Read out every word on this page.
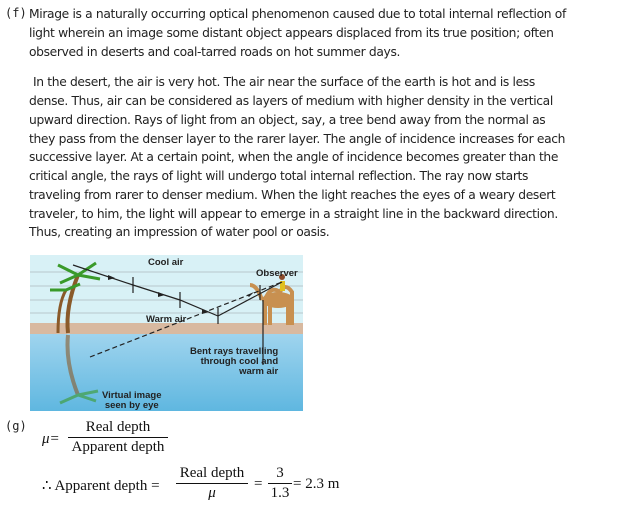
(f) Mirage is a naturally occurring optical phenomenon caused due to total internal reflection of
light wherein an image some distant object appears displaced from its true position; often
observed in deserts and coal-tarred roads on hot summer days.
In the desert, the air is very hot. The air near the surface of the earth is hot and is less
dense. Thus, air can be considered as layers of medium with higher density in the vertical
upward direction. Rays of light from an object, say, a tree bend away from the normal as
they pass from the denser layer to the rarer layer. The angle of incidence increases for each
successive layer. At a certain point, when the angle of incidence becomes greater than the
critical angle, the rays of light will undergo total internal reflection. The ray now starts
traveling from rarer to denser medium. When the light reaches the eyes of a weary desert
traveler, to him, the light will appear to emerge in a straight line in the backward direction.
Thus, creating an impression of water pool or oasis.
Cool air
Observer
Warm air
Bent rays travelling
through cool and
warm air
Virtual image
seen by eye
(g)
μ=
Real depth
Apparent depth
∴ Apparent depth =
Real depth
μ
=
3
1.3
= 2.3 m
